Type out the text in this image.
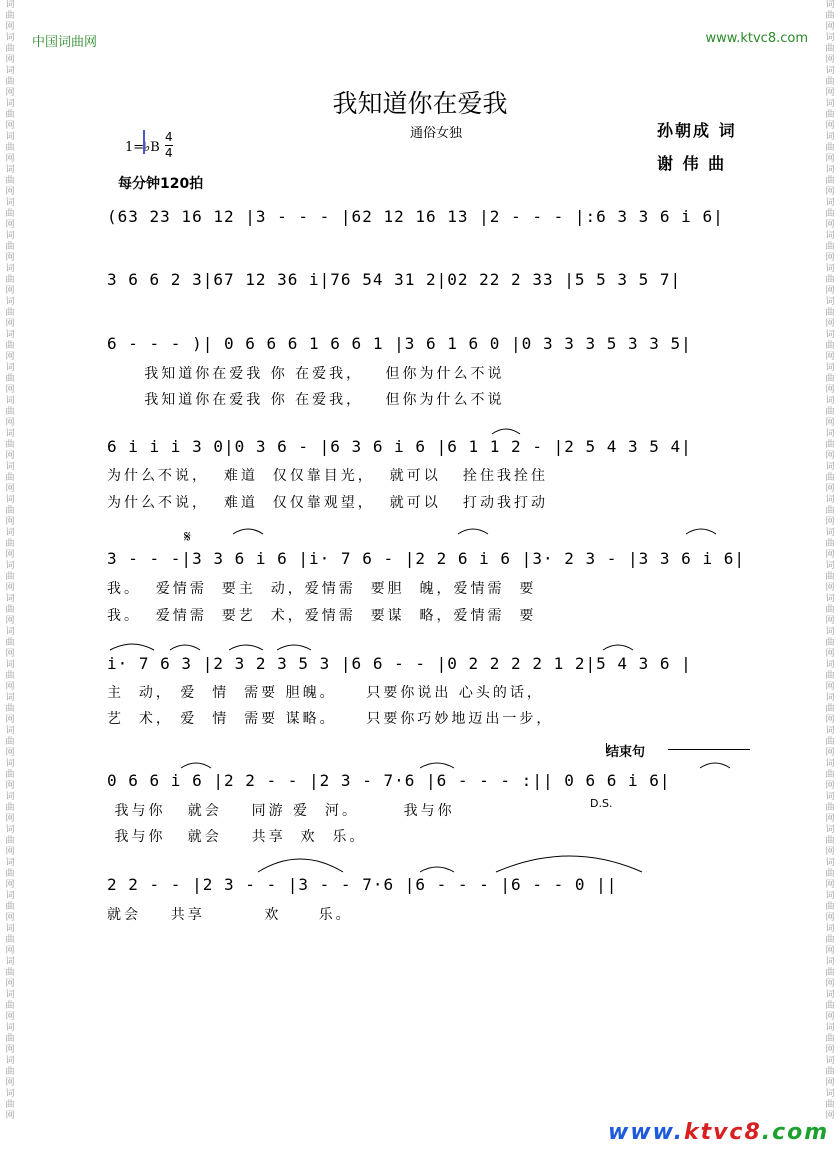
词曲网词曲网词曲网词曲网词曲网词曲网词曲网词曲网词曲网词曲网词曲网词曲网词曲网词曲网词曲网词曲网词曲网词曲网词曲网词曲网词曲网词曲网词曲网词曲网词曲网词曲网词曲网词曲网词曲网词曲网词曲网词曲网词曲网词曲网
词曲网词曲网词曲网词曲网词曲网词曲网词曲网词曲网词曲网词曲网词曲网词曲网词曲网词曲网词曲网词曲网词曲网词曲网词曲网词曲网词曲网词曲网词曲网词曲网词曲网词曲网词曲网词曲网词曲网词曲网词曲网词曲网词曲网词曲网
中国词曲网	www.ktvc8.com
我知道你在爱我
通俗女独	孙朝成 词
谢 伟 曲
1=♭B $\frac{4}{4}$
每分钟120拍
(63 23 16 12 |3 - - - |62 12 16 13 |2 - - - |:6 3 3 6 i 6|
3 6 6 2 3|67 12 36 i|76 54 31 2|02 22 2 33 |5 5 3 5 7|
6 - - - )| 0 6 6 6 1 6 6 1 |3 6 1 6 0 |0 3 3 3 5 3 3 5|
我知道你在爱我 你 在爱我，   但你为什么不说
我知道你在爱我 你 在爱我，   但你为什么不说
6 i i i 3 0|0 3 6 - |6 3 6 i 6 |6 1 1 2 - |2 5 4 3 5 4|
为什么不说，  难道  仅仅靠目光，  就可以   拴住我拴住
为什么不说，  难道  仅仅靠观望，  就可以   打动我打动
𝄋
3 - - -|3 3 6 i 6 |i· 7 6 - |2 2 6 i 6 |3· 2 3 - |3 3 6 i 6|
我。  爱情需  要主  动，爱情需  要胆  魄，爱情需  要
我。  爱情需  要艺  术，爱情需  要谋  略，爱情需  要
i· 7 6 3 |2 3 2 3 5 3 |6 6 - - |0 2 2 2 2 1 2|5 4 3 6 |
主  动， 爱  情  需要 胆魄。    只要你说出 心头的话，
艺  术， 爱  情  需要 谋略。    只要你巧妙地迈出一步，
结束句
0 6 6 i 6 |2 2 - - |2 3 - 7·6 |6 - - - :|| 0 6 6 i 6|
我与你   就会    同游 爱  河。      我与你	D.S.
我与你   就会    共享  欢  乐。
2 2 - - |2 3 - - |3 - - 7·6 |6 - - - |6 - - 0 ||
就会    共享        欢     乐。
www.ktvc8.com
